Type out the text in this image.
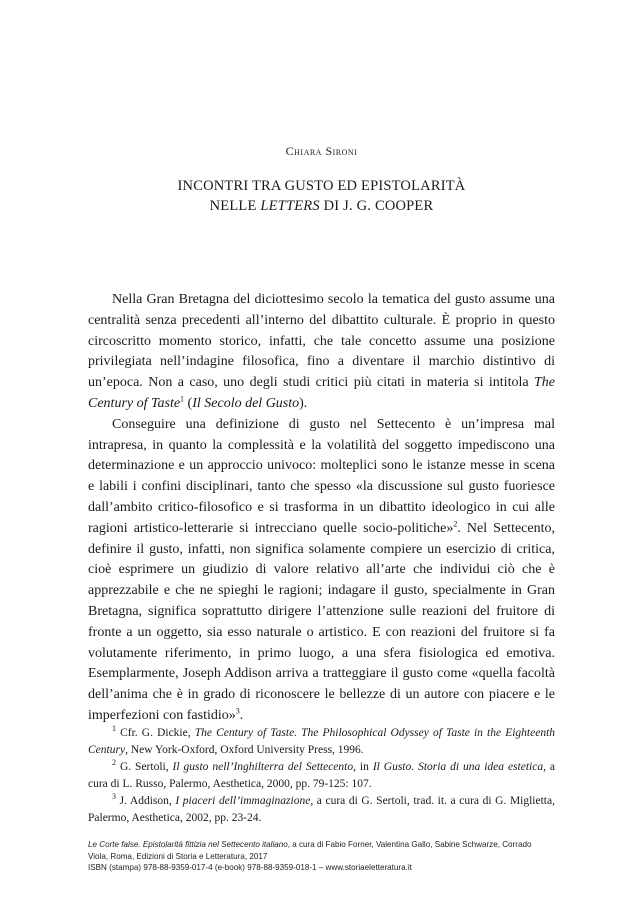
Chiara Sironi
INCONTRI TRA GUSTO ED EPISTOLARITÀ
NELLE LETTERS DI J. G. COOPER

Nella Gran Bretagna del diciottesimo secolo la tematica del gusto assume una centralità senza precedenti all’interno del dibattito culturale. È proprio in questo circoscritto momento storico, infatti, che tale concetto assume una posizione privilegiata nell’indagine filosofica, fino a diventare il marchio distintivo di un’epoca. Non a caso, uno degli studi critici più citati in materia si intitola The Century of Taste$^1$ (Il Secolo del Gusto).

Conseguire una definizione di gusto nel Settecento è un’impresa mal intrapresa, in quanto la complessità e la volatilità del soggetto impediscono una determinazione e un approccio univoco: molteplici sono le istanze messe in scena e labili i confini disciplinari, tanto che spesso «la discussione sul gusto fuoriesce dall’ambito critico-filosofico e si trasforma in un dibattito ideologico in cui alle ragioni artistico-letterarie si intrecciano quelle socio-politiche»$^2$. Nel Settecento, definire il gusto, infatti, non significa solamente compiere un esercizio di critica, cioè esprimere un giudizio di valore relativo all’arte che individui ciò che è apprezzabile e che ne spieghi le ragioni; indagare il gusto, specialmente in Gran Bretagna, significa soprattutto dirigere l’attenzione sulle reazioni del fruitore di fronte a un oggetto, sia esso naturale o artistico. E con reazioni del fruitore si fa volutamente riferimento, in primo luogo, a una sfera fisiologica ed emotiva. Esemplarmente, Joseph Addison arriva a tratteggiare il gusto come «quella facoltà dell’anima che è in grado di riconoscere le bellezze di un autore con piacere e le imperfezioni con fastidio»$^3$.

$^1$ Cfr. G. Dickie, The Century of Taste. The Philosophical Odyssey of Taste in the Eighteenth Century, New York-Oxford, Oxford University Press, 1996.

$^2$ G. Sertoli, Il gusto nell’Inghilterra del Settecento, in Il Gusto. Storia di una idea estetica, a cura di L. Russo, Palermo, Aesthetica, 2000, pp. 79-125: 107.

$^3$ J. Addison, I piaceri dell’immaginazione, a cura di G. Sertoli, trad. it. a cura di G. Miglietta, Palermo, Aesthetica, 2002, pp. 23-24.

Le Corte false. Epistolarità fittizia nel Settecento italiano, a cura di Fabio Forner, Valentina Gallo, Sabine Schwarze, Corrado
Viola, Roma, Edizioni di Storia e Letteratura, 2017
ISBN (stampa) 978-88-9359-017-4 (e-book) 978-88-9359-018-1 – www.storiaeletteratura.it
